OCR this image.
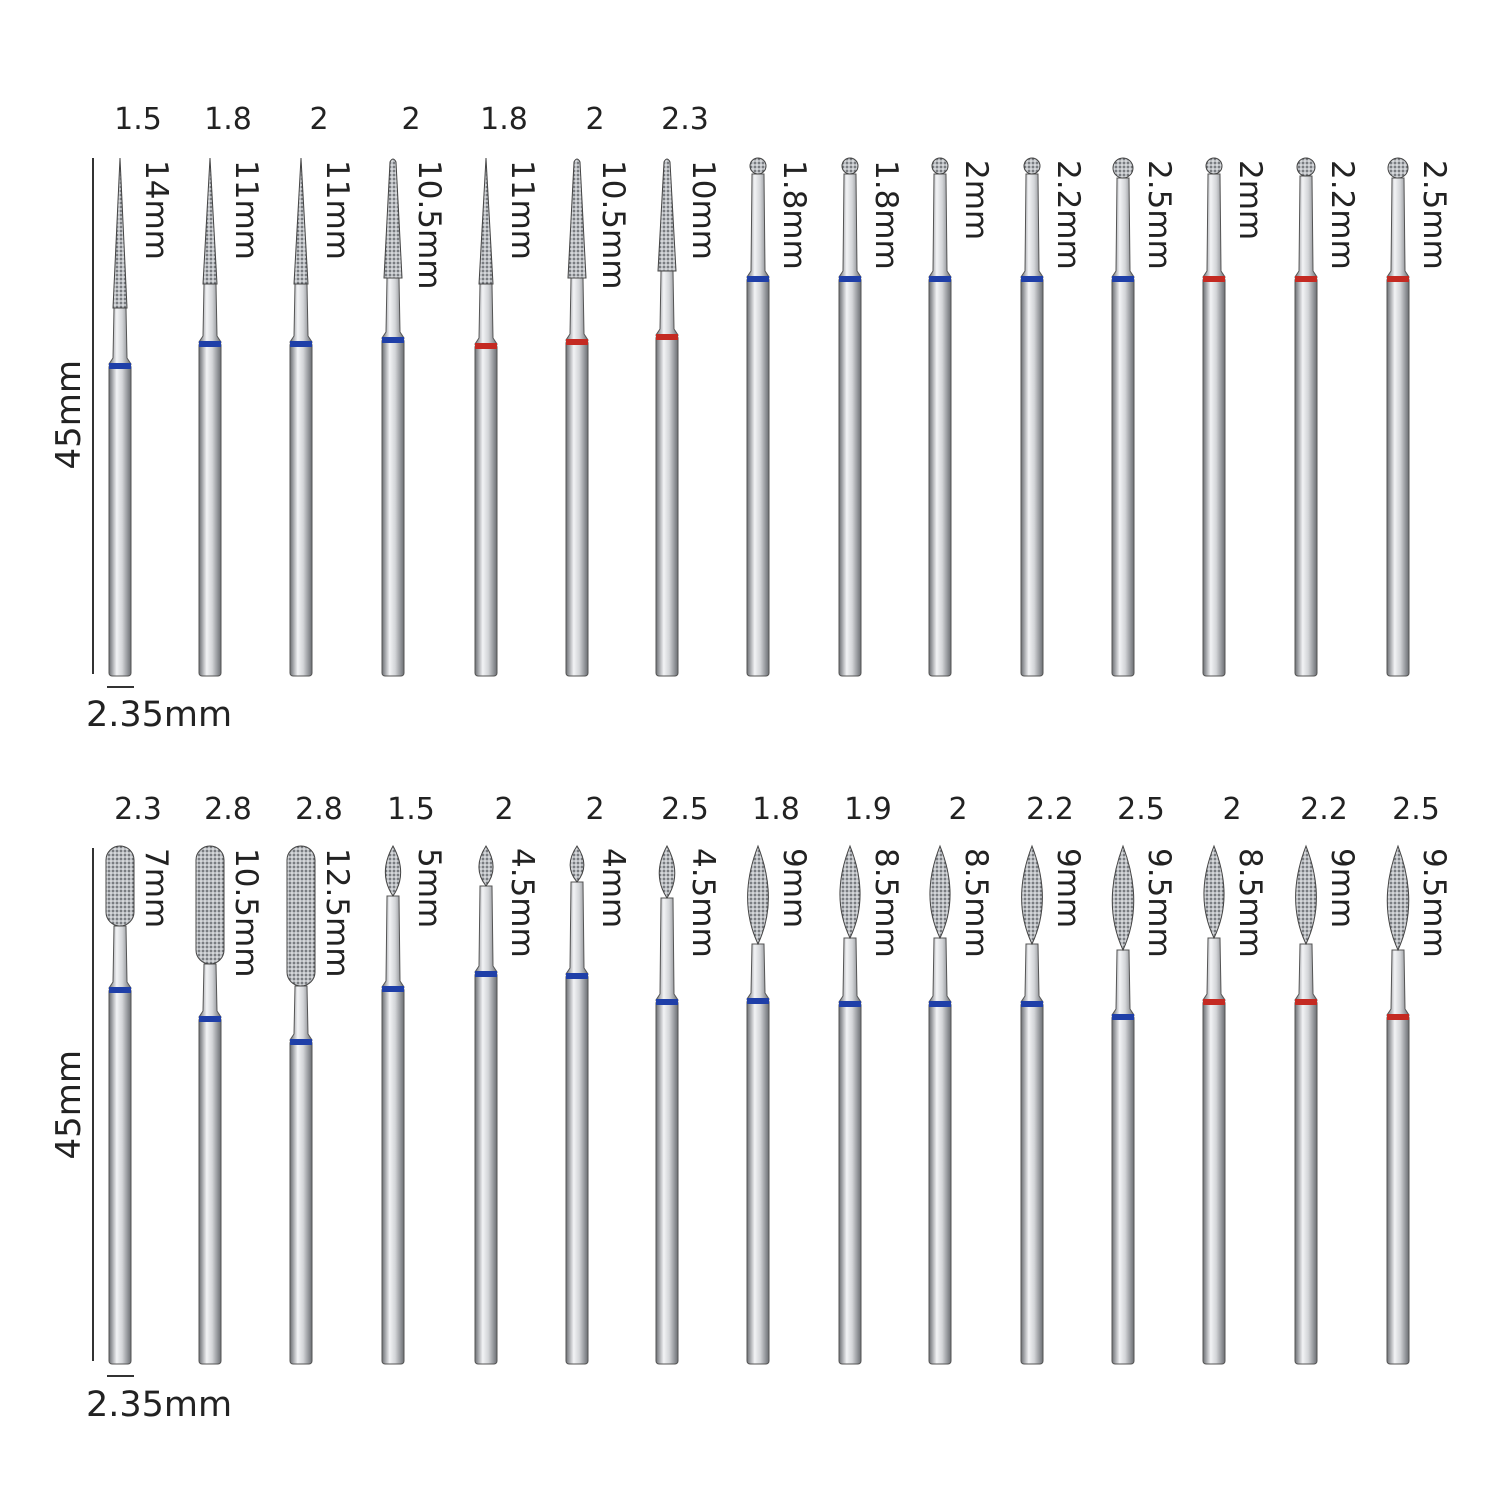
45mm
2.35mm
1.5
14mm
1.8
11mm
2
11mm
2
10.5mm
1.8
11mm
2
10.5mm
2.3
10mm 1.8mm 1.8mm 2mm 2.2mm 2.5mm 2mm 2.2mm 2.5mm
45mm
2.35mm
2.3
7mm
2.8
10.5mm
2.8
12.5mm
1.5
5mm
2
4.5mm
2
4mm
2.5
4.5mm
1.8
9mm
1.9
8.5mm
2
8.5mm
2.2
9mm
2.5
9.5mm
2
8.5mm
2.2
9mm
2.5
9.5mm
